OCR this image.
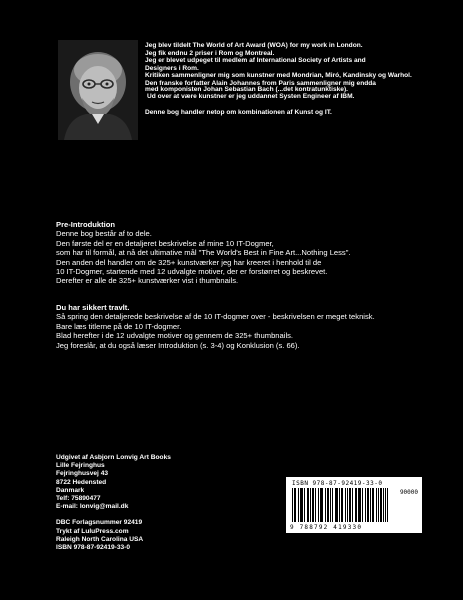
Jeg blev tildelt The World of Art Award (WOA) for my work in London.
Jeg fik endnu 2 priser i Rom og Montreal.
Jeg er blevet udpeget til medlem af International Society of Artists and
Designers i Rom.
Kritiken sammenligner mig som kunstner med Mondrian, Miró, Kandinsky og Warhol.
Den franske forfatter Alain Johannes from Paris sammenligner mig endda
med komponisten Johan Sebastian Bach (...det kontratunktiske).
Ud over at være kunstner er jeg uddannet Systen Engineer af IBM.
Denne bog handler netop om kombinationen af Kunst og IT.
Pre-Introduktion
Denne bog består af to dele.
Den første del er en detaljeret beskrivelse af mine 10 IT-Dogmer,
som har til formål, at nå det ultimative mål "The World's Best in Fine Art...Nothing Less".
Den anden del handler om de 325+ kunstværker jeg har kreeret i henhold til de
10 IT-Dogmer, startende med 12 udvalgte motiver, der er forstørret og beskrevet.
Derefter er alle de 325+ kunstværker vist i thumbnails.
Du har sikkert travlt.
Så spring den detaljerede beskrivelse af de 10 IT-dogmer over - beskrivelsen er meget teknisk.
Bare læs titlerne på de 10 IT-dogmer.
Blad herefter i de 12 udvalgte motiver og gennem de 325+ thumbnails.
Jeg foreslår, at du også læser Introduktion (s. 3-4) og Konklusion (s. 66).
Udgivet af Asbjorn Lonvig Art Books
Lille Fejringhus
Fejringhusvej 43
8722 Hedensted
Danmark
Telf: 75890477
E-mail: lonvig@mail.dk
DBC Forlagsnummer 92419
Trykt af LuluPress.com
Raleigh North Carolina USA
ISBN 978-87-92419-33-0
ISBN 978-87-92419-33-0
90000
9 788792 419330
